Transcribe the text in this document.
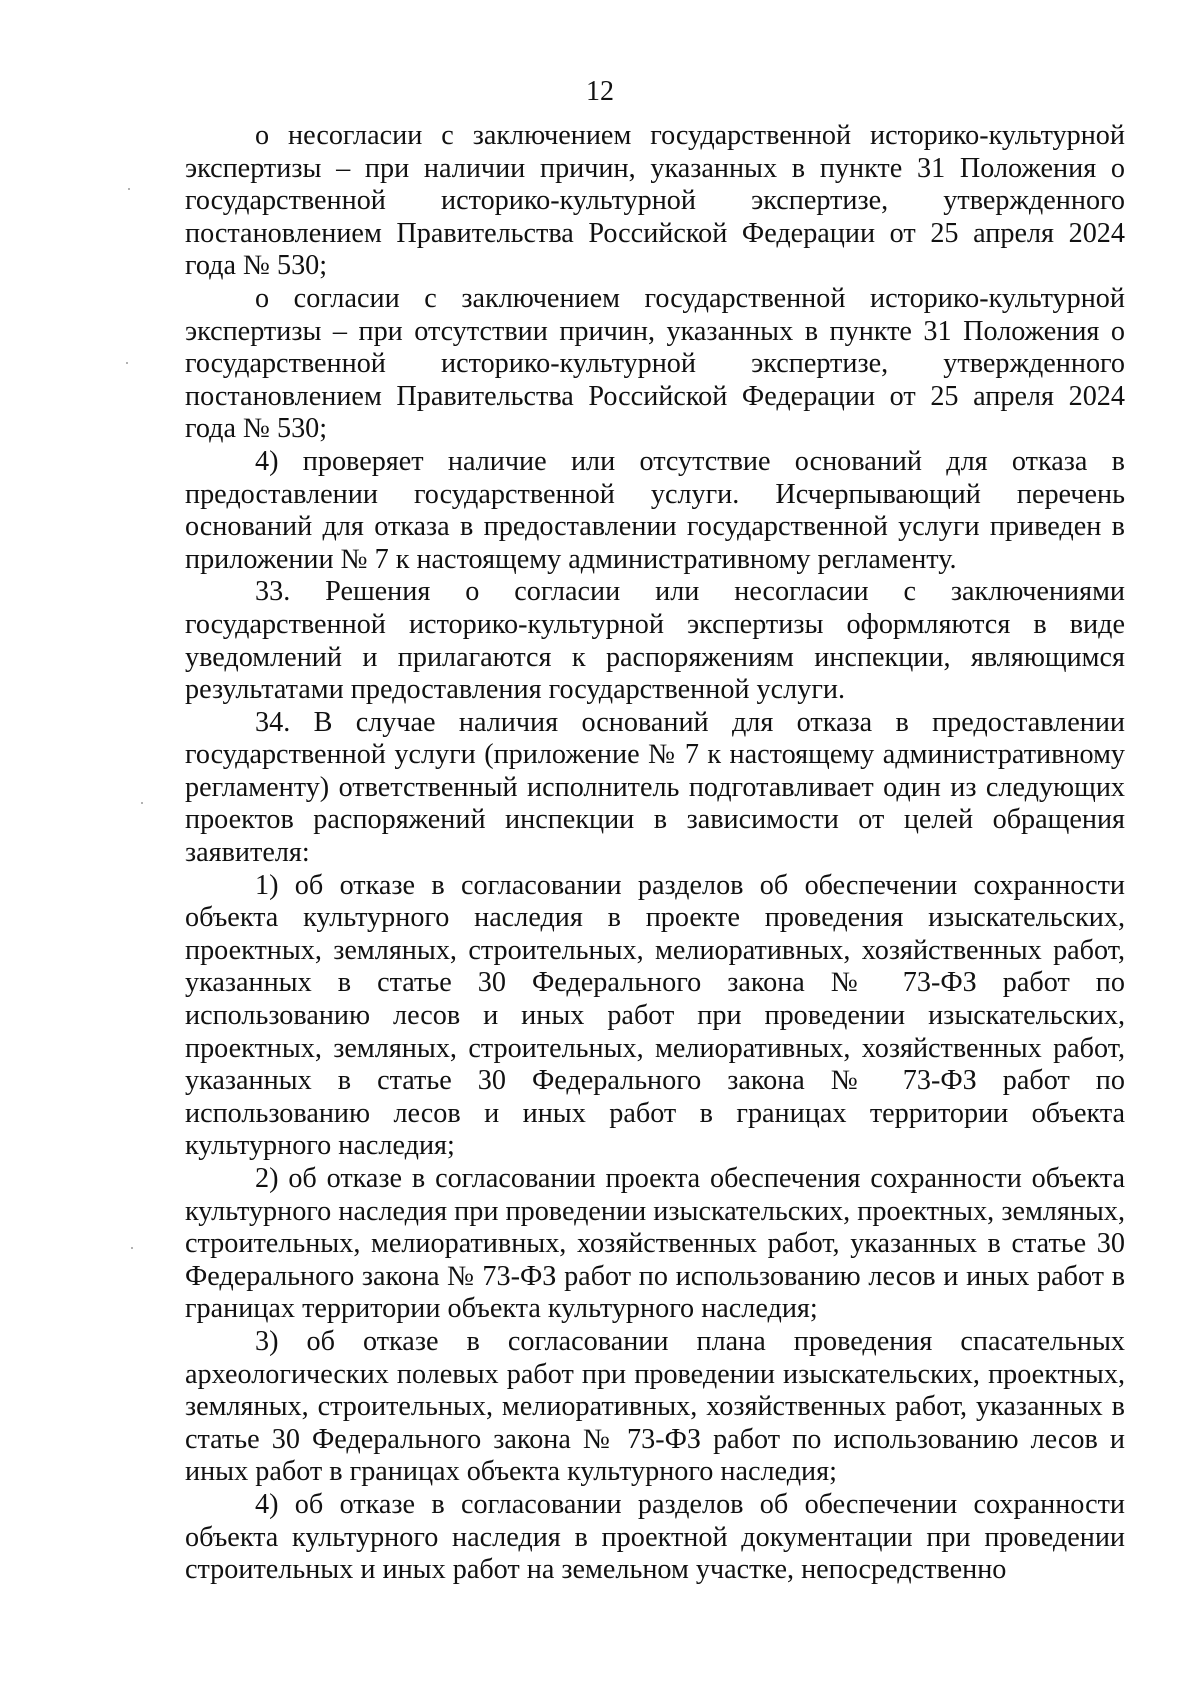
12

о несогласии с заключением государственной историко-культурной экспертизы – при наличии причин, указанных в пункте 31 Положения о государственной историко-культурной экспертизе, утвержденного постановлением Правительства Российской Федерации от 25 апреля 2024 года № 530;

о согласии с заключением государственной историко-культурной экспертизы – при отсутствии причин, указанных в пункте 31 Положения о государственной историко-культурной экспертизе, утвержденного постановлением Правительства Российской Федерации от 25 апреля 2024 года № 530;

4) проверяет наличие или отсутствие оснований для отказа в предоставлении государственной услуги. Исчерпывающий перечень оснований для отказа в предоставлении государственной услуги приведен в приложении № 7 к настоящему административному регламенту.

33. Решения о согласии или несогласии с заключениями государственной историко-культурной экспертизы оформляются в виде уведомлений и прилагаются к распоряжениям инспекции, являющимся результатами предоставления государственной услуги.

34. В случае наличия оснований для отказа в предоставлении государственной услуги (приложение № 7 к настоящему административному регламенту) ответственный исполнитель подготавливает один из следующих проектов распоряжений инспекции в зависимости от целей обращения заявителя:

1) об отказе в согласовании разделов об обеспечении сохранности объекта культурного наследия в проекте проведения изыскательских, проектных, земляных, строительных, мелиоративных, хозяйственных работ, указанных в статье 30 Федерального закона № 73-ФЗ работ по использованию лесов и иных работ при проведении изыскательских, проектных, земляных, строительных, мелиоративных, хозяйственных работ, указанных в статье 30 Федерального закона № 73-ФЗ работ по использованию лесов и иных работ в границах территории объекта культурного наследия;

2) об отказе в согласовании проекта обеспечения сохранности объекта культурного наследия при проведении изыскательских, проектных, земляных, строительных, мелиоративных, хозяйственных работ, указанных в статье 30 Федерального закона № 73-ФЗ работ по использованию лесов и иных работ в границах территории объекта культурного наследия;

3) об отказе в согласовании плана проведения спасательных археологических полевых работ при проведении изыскательских, проектных, земляных, строительных, мелиоративных, хозяйственных работ, указанных в статье 30 Федерального закона № 73-ФЗ работ по использованию лесов и иных работ в границах объекта культурного наследия;

4) об отказе в согласовании разделов об обеспечении сохранности объекта культурного наследия в проектной документации при проведении строительных и иных работ на земельном участке, непосредственно
